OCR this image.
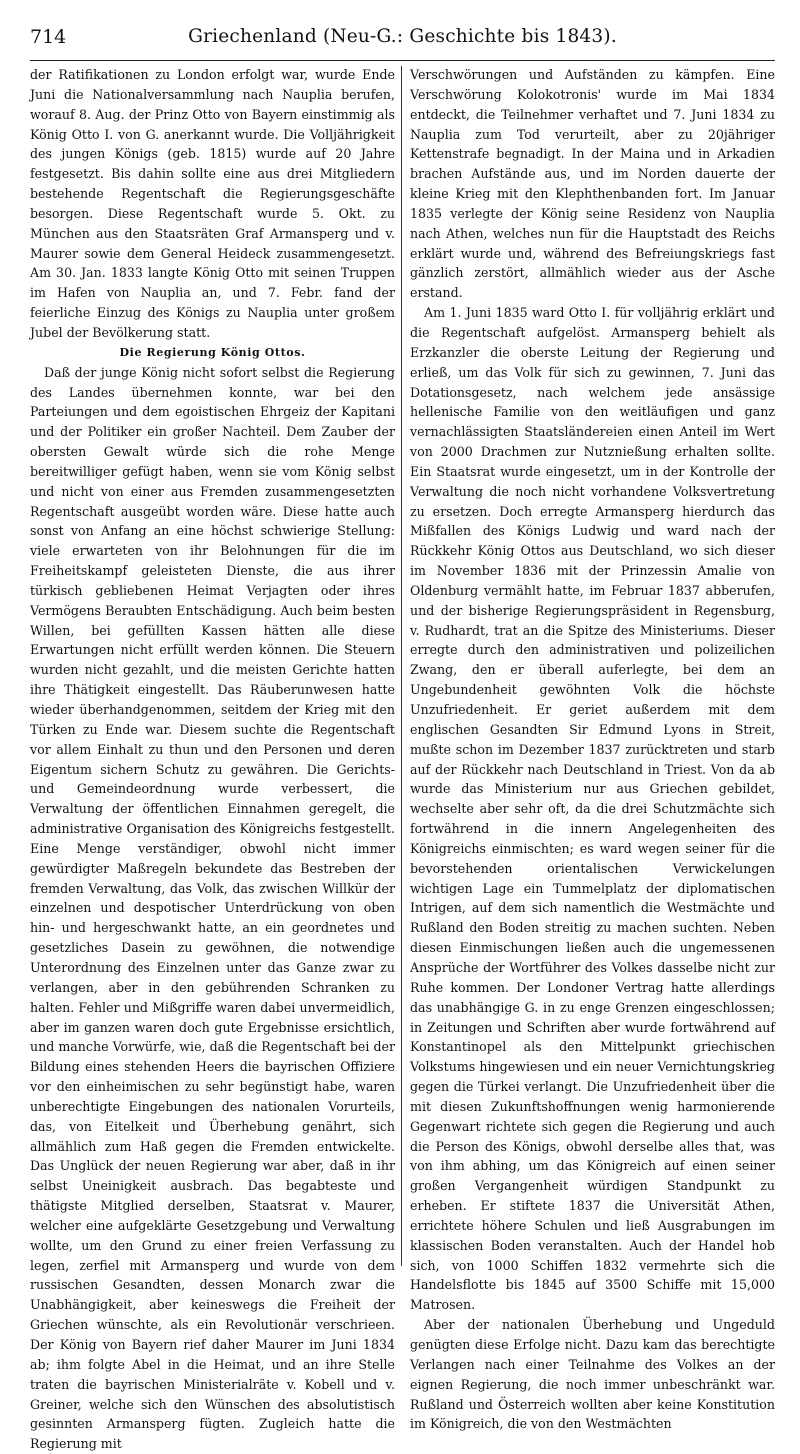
714	Griechenland (Neu-G.: Geschichte bis 1843).

der Ratifikationen zu London erfolgt war, wurde Ende Juni die Nationalversammlung nach Nauplia berufen, worauf 8. Aug. der Prinz Otto von Bayern einstimmig als König Otto I. von G. anerkannt wurde. Die Volljährigkeit des jungen Königs (geb. 1815) wurde auf 20 Jahre festgesetzt. Bis dahin sollte eine aus drei Mitgliedern bestehende Regentschaft die Regierungsgeschäfte besorgen. Diese Regentschaft wurde 5. Okt. zu München aus den Staatsräten Graf Armansperg und v. Maurer sowie dem General Heideck zusammengesetzt. Am 30. Jan. 1833 langte König Otto mit seinen Truppen im Hafen von Nauplia an, und 7. Febr. fand der feierliche Einzug des Königs zu Nauplia unter großem Jubel der Bevölkerung statt.

Die Regierung König Ottos.

Daß der junge König nicht sofort selbst die Regierung des Landes übernehmen konnte, war bei den Parteiungen und dem egoistischen Ehrgeiz der Kapitani und der Politiker ein großer Nachteil. Dem Zauber der obersten Gewalt würde sich die rohe Menge bereitwilliger gefügt haben, wenn sie vom König selbst und nicht von einer aus Fremden zusammengesetzten Regentschaft ausgeübt worden wäre. Diese hatte auch sonst von Anfang an eine höchst schwierige Stellung: viele erwarteten von ihr Belohnungen für die im Freiheitskampf geleisteten Dienste, die aus ihrer türkisch gebliebenen Heimat Verjagten oder ihres Vermögens Beraubten Entschädigung. Auch beim besten Willen, bei gefüllten Kassen hätten alle diese Erwartungen nicht erfüllt werden können. Die Steuern wurden nicht gezahlt, und die meisten Gerichte hatten ihre Thätigkeit eingestellt. Das Räuberunwesen hatte wieder überhandgenommen, seitdem der Krieg mit den Türken zu Ende war. Diesem suchte die Regentschaft vor allem Einhalt zu thun und den Personen und deren Eigentum sichern Schutz zu gewähren. Die Gerichts- und Gemeindeordnung wurde verbessert, die Verwaltung der öffentlichen Einnahmen geregelt, die administrative Organisation des Königreichs festgestellt. Eine Menge verständiger, obwohl nicht immer gewürdigter Maßregeln bekundete das Bestreben der fremden Verwaltung, das Volk, das zwischen Willkür der einzelnen und despotischer Unterdrückung von oben hin- und hergeschwankt hatte, an ein geordnetes und gesetzliches Dasein zu gewöhnen, die notwendige Unterordnung des Einzelnen unter das Ganze zwar zu verlangen, aber in den gebührenden Schranken zu halten. Fehler und Mißgriffe waren dabei unvermeidlich, aber im ganzen waren doch gute Ergebnisse ersichtlich, und manche Vorwürfe, wie, daß die Regentschaft bei der Bildung eines stehenden Heers die bayrischen Offiziere vor den einheimischen zu sehr begünstigt habe, waren unberechtigte Eingebungen des nationalen Vorurteils, das, von Eitelkeit und Überhebung genährt, sich allmählich zum Haß gegen die Fremden entwickelte. Das Unglück der neuen Regierung war aber, daß in ihr selbst Uneinigkeit ausbrach. Das begabteste und thätigste Mitglied derselben, Staatsrat v. Maurer, welcher eine aufgeklärte Gesetzgebung und Verwaltung wollte, um den Grund zu einer freien Verfassung zu legen, zerfiel mit Armansperg und wurde von dem russischen Gesandten, dessen Monarch zwar die Unabhängigkeit, aber keineswegs die Freiheit der Griechen wünschte, als ein Revolutionär verschrieen. Der König von Bayern rief daher Maurer im Juni 1834 ab; ihm folgte Abel in die Heimat, und an ihre Stelle traten die bayrischen Ministerialräte v. Kobell und v. Greiner, welche sich den Wünschen des absolutistisch gesinnten Armansperg fügten. Zugleich hatte die Regierung mit

Verschwörungen und Aufständen zu kämpfen. Eine Verschwörung Kolokotronis' wurde im Mai 1834 entdeckt, die Teilnehmer verhaftet und 7. Juni 1834 zu Nauplia zum Tod verurteilt, aber zu 20jähriger Kettenstrafe begnadigt. In der Maina und in Arkadien brachen Aufstände aus, und im Norden dauerte der kleine Krieg mit den Klephthenbanden fort. Im Januar 1835 verlegte der König seine Residenz von Nauplia nach Athen, welches nun für die Hauptstadt des Reichs erklärt wurde und, während des Befreiungskriegs fast gänzlich zerstört, allmählich wieder aus der Asche erstand.

Am 1. Juni 1835 ward Otto I. für volljährig erklärt und die Regentschaft aufgelöst. Armansperg behielt als Erzkanzler die oberste Leitung der Regierung und erließ, um das Volk für sich zu gewinnen, 7. Juni das Dotationsgesetz, nach welchem jede ansässige hellenische Familie von den weitläufigen und ganz vernachlässigten Staatsländereien einen Anteil im Wert von 2000 Drachmen zur Nutznießung erhalten sollte. Ein Staatsrat wurde eingesetzt, um in der Kontrolle der Verwaltung die noch nicht vorhandene Volksvertretung zu ersetzen. Doch erregte Armansperg hierdurch das Mißfallen des Königs Ludwig und ward nach der Rückkehr König Ottos aus Deutschland, wo sich dieser im November 1836 mit der Prinzessin Amalie von Oldenburg vermählt hatte, im Februar 1837 abberufen, und der bisherige Regierungspräsident in Regensburg, v. Rudhardt, trat an die Spitze des Ministeriums. Dieser erregte durch den administrativen und polizeilichen Zwang, den er überall auferlegte, bei dem an Ungebundenheit gewöhnten Volk die höchste Unzufriedenheit. Er geriet außerdem mit dem englischen Gesandten Sir Edmund Lyons in Streit, mußte schon im Dezember 1837 zurücktreten und starb auf der Rückkehr nach Deutschland in Triest. Von da ab wurde das Ministerium nur aus Griechen gebildet, wechselte aber sehr oft, da die drei Schutzmächte sich fortwährend in die innern Angelegenheiten des Königreichs einmischten; es ward wegen seiner für die bevorstehenden orientalischen Verwickelungen wichtigen Lage ein Tummelplatz der diplomatischen Intrigen, auf dem sich namentlich die Westmächte und Rußland den Boden streitig zu machen suchten. Neben diesen Einmischungen ließen auch die ungemessenen Ansprüche der Wortführer des Volkes dasselbe nicht zur Ruhe kommen. Der Londoner Vertrag hatte allerdings das unabhängige G. in zu enge Grenzen eingeschlossen; in Zeitungen und Schriften aber wurde fortwährend auf Konstantinopel als den Mittelpunkt griechischen Volkstums hingewiesen und ein neuer Vernichtungskrieg gegen die Türkei verlangt. Die Unzufriedenheit über die mit diesen Zukunftshoffnungen wenig harmonierende Gegenwart richtete sich gegen die Regierung und auch die Person des Königs, obwohl derselbe alles that, was von ihm abhing, um das Königreich auf einen seiner großen Vergangenheit würdigen Standpunkt zu erheben. Er stiftete 1837 die Universität Athen, errichtete höhere Schulen und ließ Ausgrabungen im klassischen Boden veranstalten. Auch der Handel hob sich, von 1000 Schiffen 1832 vermehrte sich die Handelsflotte bis 1845 auf 3500 Schiffe mit 15,000 Matrosen.

Aber der nationalen Überhebung und Ungeduld genügten diese Erfolge nicht. Dazu kam das berechtigte Verlangen nach einer Teilnahme des Volkes an der eignen Regierung, die noch immer unbeschränkt war. Rußland und Österreich wollten aber keine Konstitution im Königreich, die von den Westmächten
